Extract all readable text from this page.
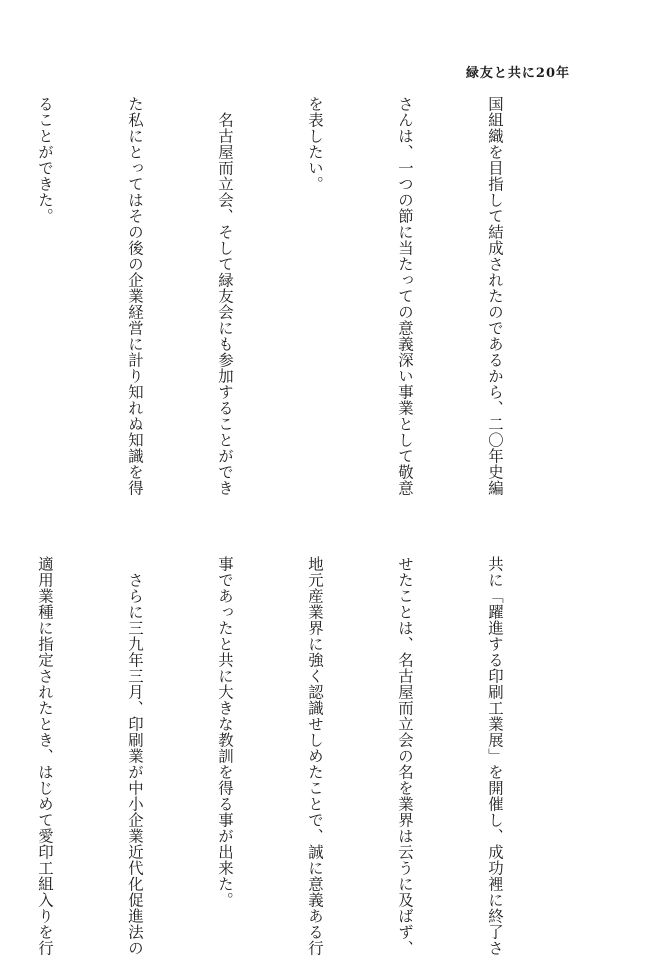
緑友と共に20年

国組織を目指して結成されたのであるから、二〇年史編

さんは、一つの節に当たっての意義深い事業として敬意

を表したい。

　名古屋而立会、そして緑友会にも参加することができ

た私にとってはその後の企業経営に計り知れぬ知識を得

ることができた。

共に「躍進する印刷工業展」を開催し、成功裡に終了さ

せたことは、名古屋而立会の名を業界は云うに及ばず、

地元産業界に強く認識せしめたことで、誠に意義ある行

事であったと共に大きな教訓を得る事が出来た。

　さらに三九年三月、印刷業が中小企業近代化促進法の

適用業種に指定されたとき、はじめて愛印工組入りを行
